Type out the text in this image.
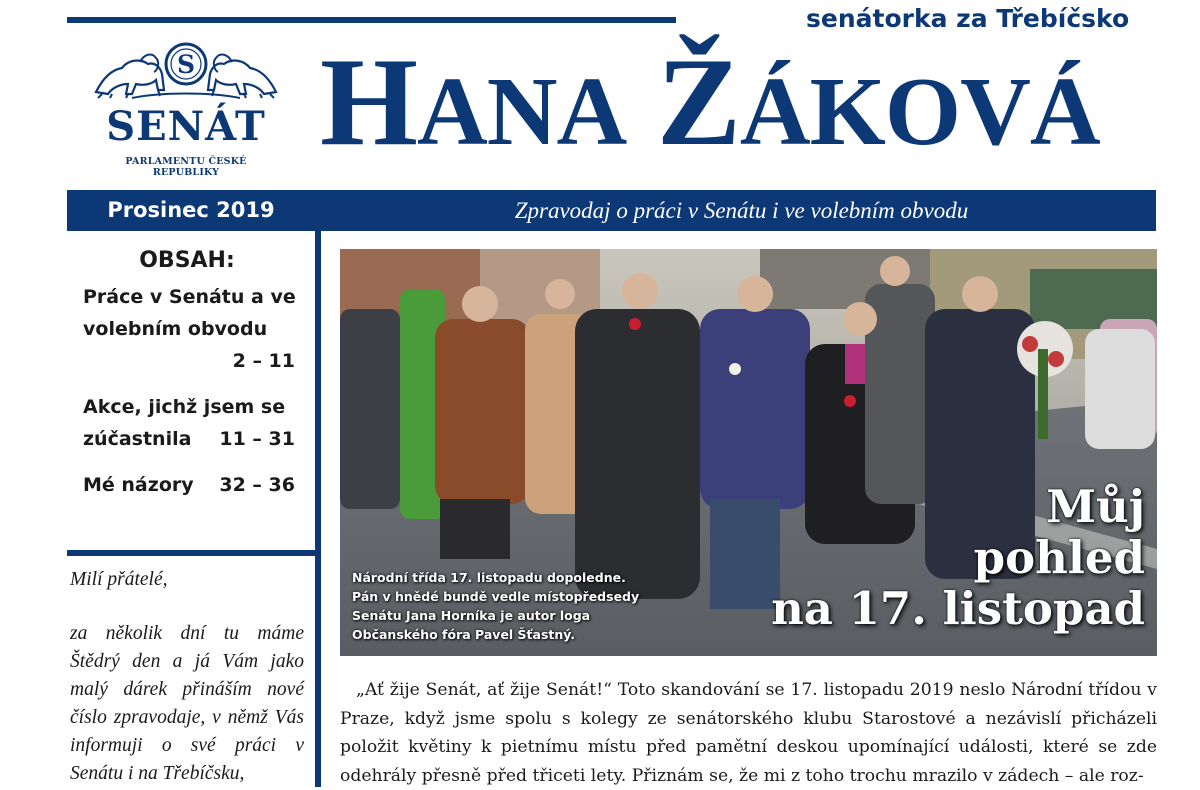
S
SENÁT
PARLAMENTU ČESKÉ REPUBLIKY
senátorka za Třebíčsko
HANA ŽÁKOVÁ
Prosinec 2019	Zpravodaj o práci v Senátu i ve volebním obvodu
OBSAH:
Práce v Senátu a ve
volebním obvodu
2 – 11
Akce, jichž jsem se
zúčastnila	11 – 31
Mé názory	32 – 36

Milí přátelé,

za několik dní tu máme Štědrý den a já Vám jako malý dárek přináším nové číslo zpravodaje, v němž Vás informuji o své práci v Senátu i na Třebíčsku,

Národní třída 17. listopadu dopoledne. Pán v hnědé bundě vedle místopředsedy Senátu Jana Horníka je autor loga Občanského fóra Pavel Šťastný.
Můj
pohled
na 17. listopad

„Ať žije Senát, ať žije Senát!“ Toto skandování se 17. listopadu 2019 neslo Národní třídou v Praze, když jsme spolu s kolegy ze senátorského klubu Starostové a nezávislí přicházeli položit květiny k pietnímu místu před pamětní deskou upomínající události, které se zde odehrály přesně před třiceti lety. Přiznám se, že mi z toho trochu mrazilo v zádech – ale roz-
